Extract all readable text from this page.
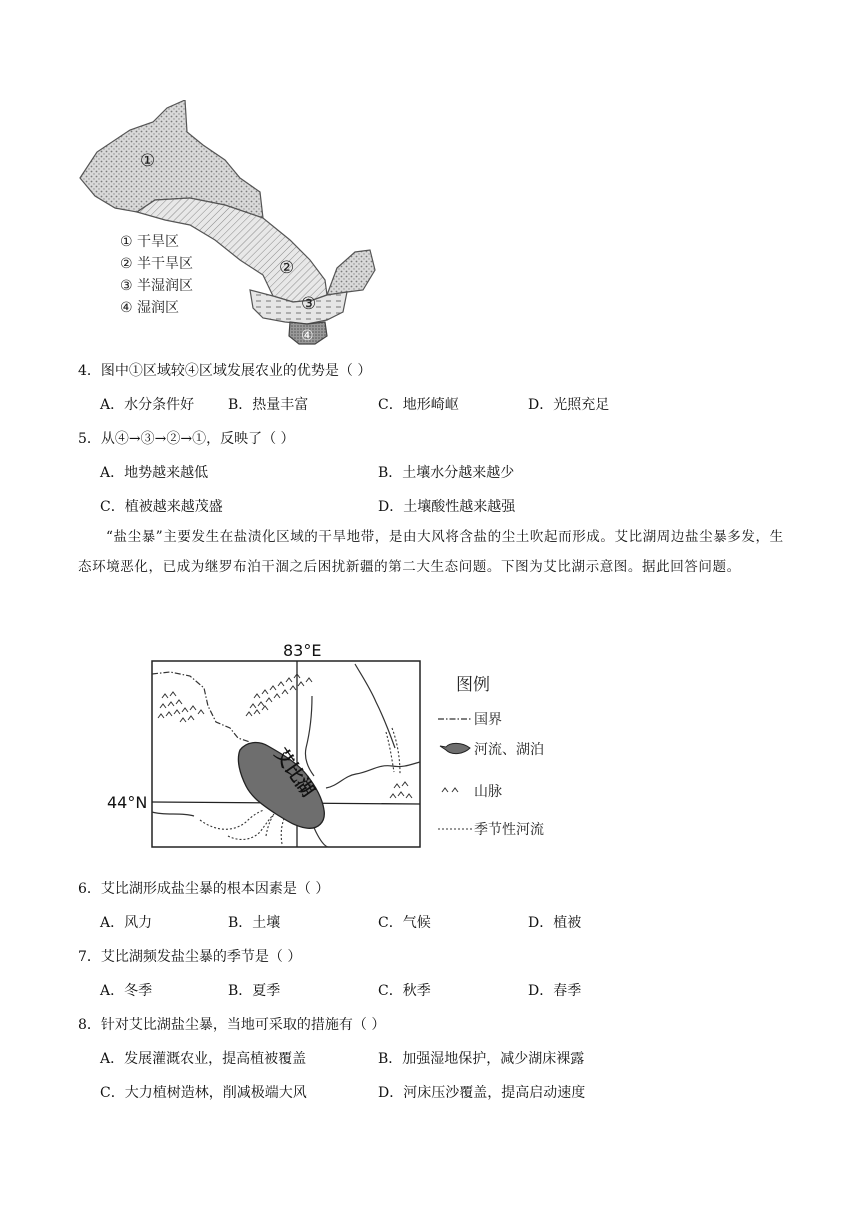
①
②
③
④
① 干旱区
② 半干旱区
③ 半湿润区
④ 湿润区
4．图中①区域较④区域发展农业的优势是（ ）
A．水分条件好 B．热量丰富	C．地形崎岖	D．光照充足
5．从④→③→②→①，反映了（ ）
A．地势越来越低	B．土壤水分越来越少
C．植被越来越茂盛	D．土壤酸性越来越强
“盐尘暴”主要发生在盐渍化区域的干旱地带，是由大风将含盐的尘土吹起而形成。艾比湖周边盐尘暴多发，生态环境恶化，已成为继罗布泊干涸之后困扰新疆的第二大生态问题。下图为艾比湖示意图。据此回答问题。
83°E
44°N
艾比湖
图例
国界
河流、湖泊
山脉
季节性河流
6．艾比湖形成盐尘暴的根本因素是（ ）
A．风力	B．土壤	C．气候	D．植被
7．艾比湖频发盐尘暴的季节是（ ）
A．冬季	B．夏季	C．秋季	D．春季
8．针对艾比湖盐尘暴，当地可采取的措施有（ ）
A．发展灌溉农业，提高植被覆盖	B．加强湿地保护，减少湖床裸露
C．大力植树造林，削减极端大风	D．河床压沙覆盖，提高启动速度
